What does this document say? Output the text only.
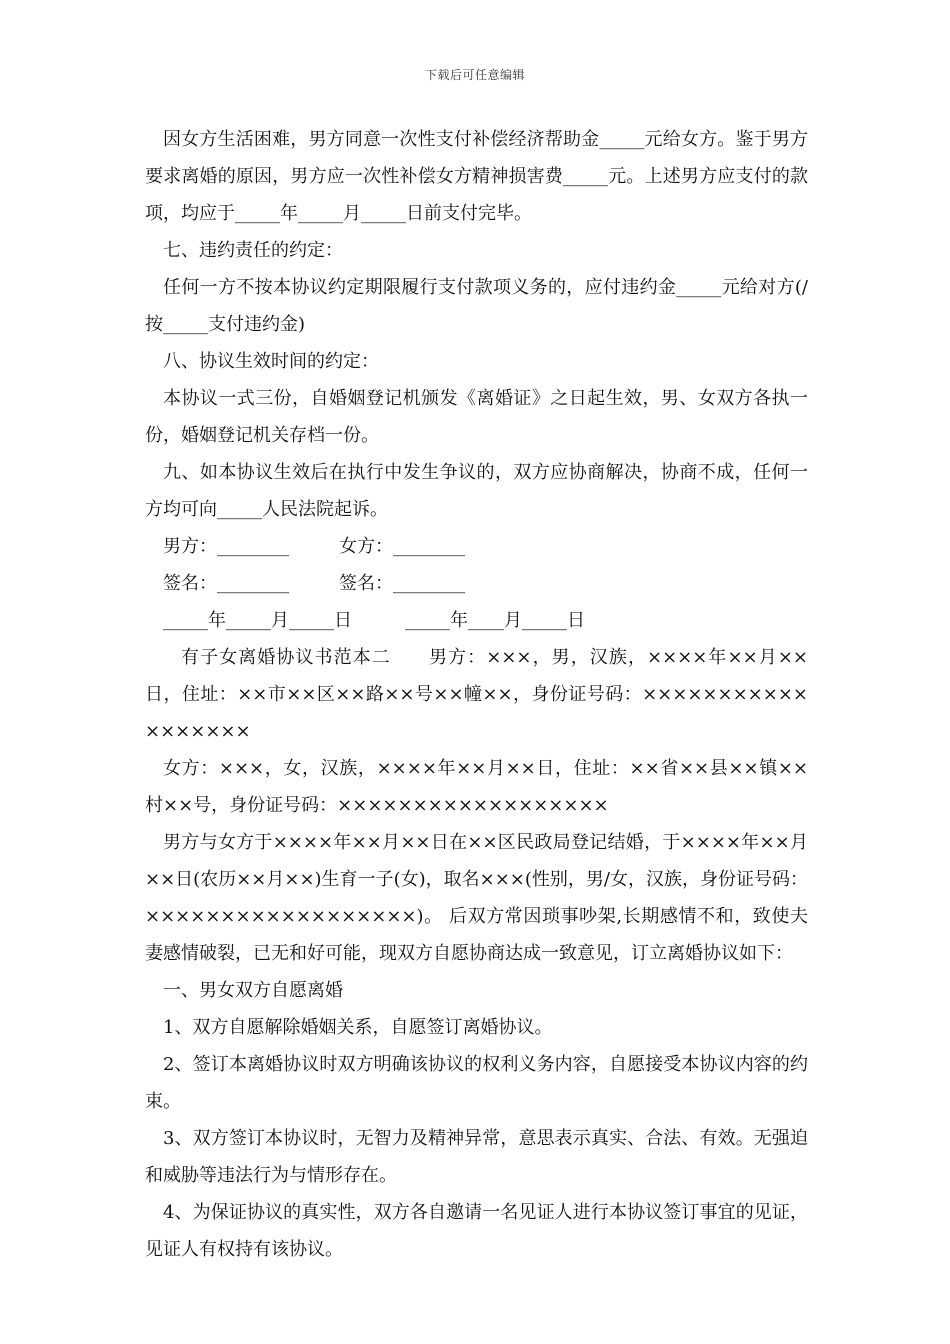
下载后可任意编辑

因女方生活困难，男方同意一次性支付补偿经济帮助金_____元给女方。鉴于男方要求离婚的原因，男方应一次性补偿女方精神损害费_____元。上述男方应支付的款项，均应于_____年_____月_____日前支付完毕。

七、违约责任的约定：

任何一方不按本协议约定期限履行支付款项义务的，应付违约金_____元给对方(/按_____支付违约金)

八、协议生效时间的约定：

本协议一式三份，自婚姻登记机颁发《离婚证》之日起生效，男、女双方各执一份，婚姻登记机关存档一份。

九、如本协议生效后在执行中发生争议的，双方应协商解决，协商不成，任何一方均可向_____人民法院起诉。

男方：________	女方：________
签名：________	签名：________
_____年_____月_____日	_____年____月_____日

有子女离婚协议书范本二　　男方：×××，男，汉族，××××年××月××日，住址：××市××区××路××号××幢××，身份证号码：××××××××××××××××××

女方：×××，女，汉族，××××年××月××日，住址：××省××县××镇××村××号，身份证号码：××××××××××××××××××

男方与女方于××××年××月××日在××区民政局登记结婚，于××××年××月××日(农历××月××)生育一子(女)，取名×××(性别，男/女，汉族，身份证号码：××××××××××××××××××)。 后双方常因琐事吵架,长期感情不和，致使夫妻感情破裂，已无和好可能，现双方自愿协商达成一致意见，订立离婚协议如下：

一、男女双方自愿离婚

1、双方自愿解除婚姻关系，自愿签订离婚协议。

2、签订本离婚协议时双方明确该协议的权利义务内容，自愿接受本协议内容的约束。

3、双方签订本协议时，无智力及精神异常，意思表示真实、合法、有效。无强迫和威胁等违法行为与情形存在。

4、为保证协议的真实性，双方各自邀请一名见证人进行本协议签订事宜的见证，见证人有权持有该协议。
